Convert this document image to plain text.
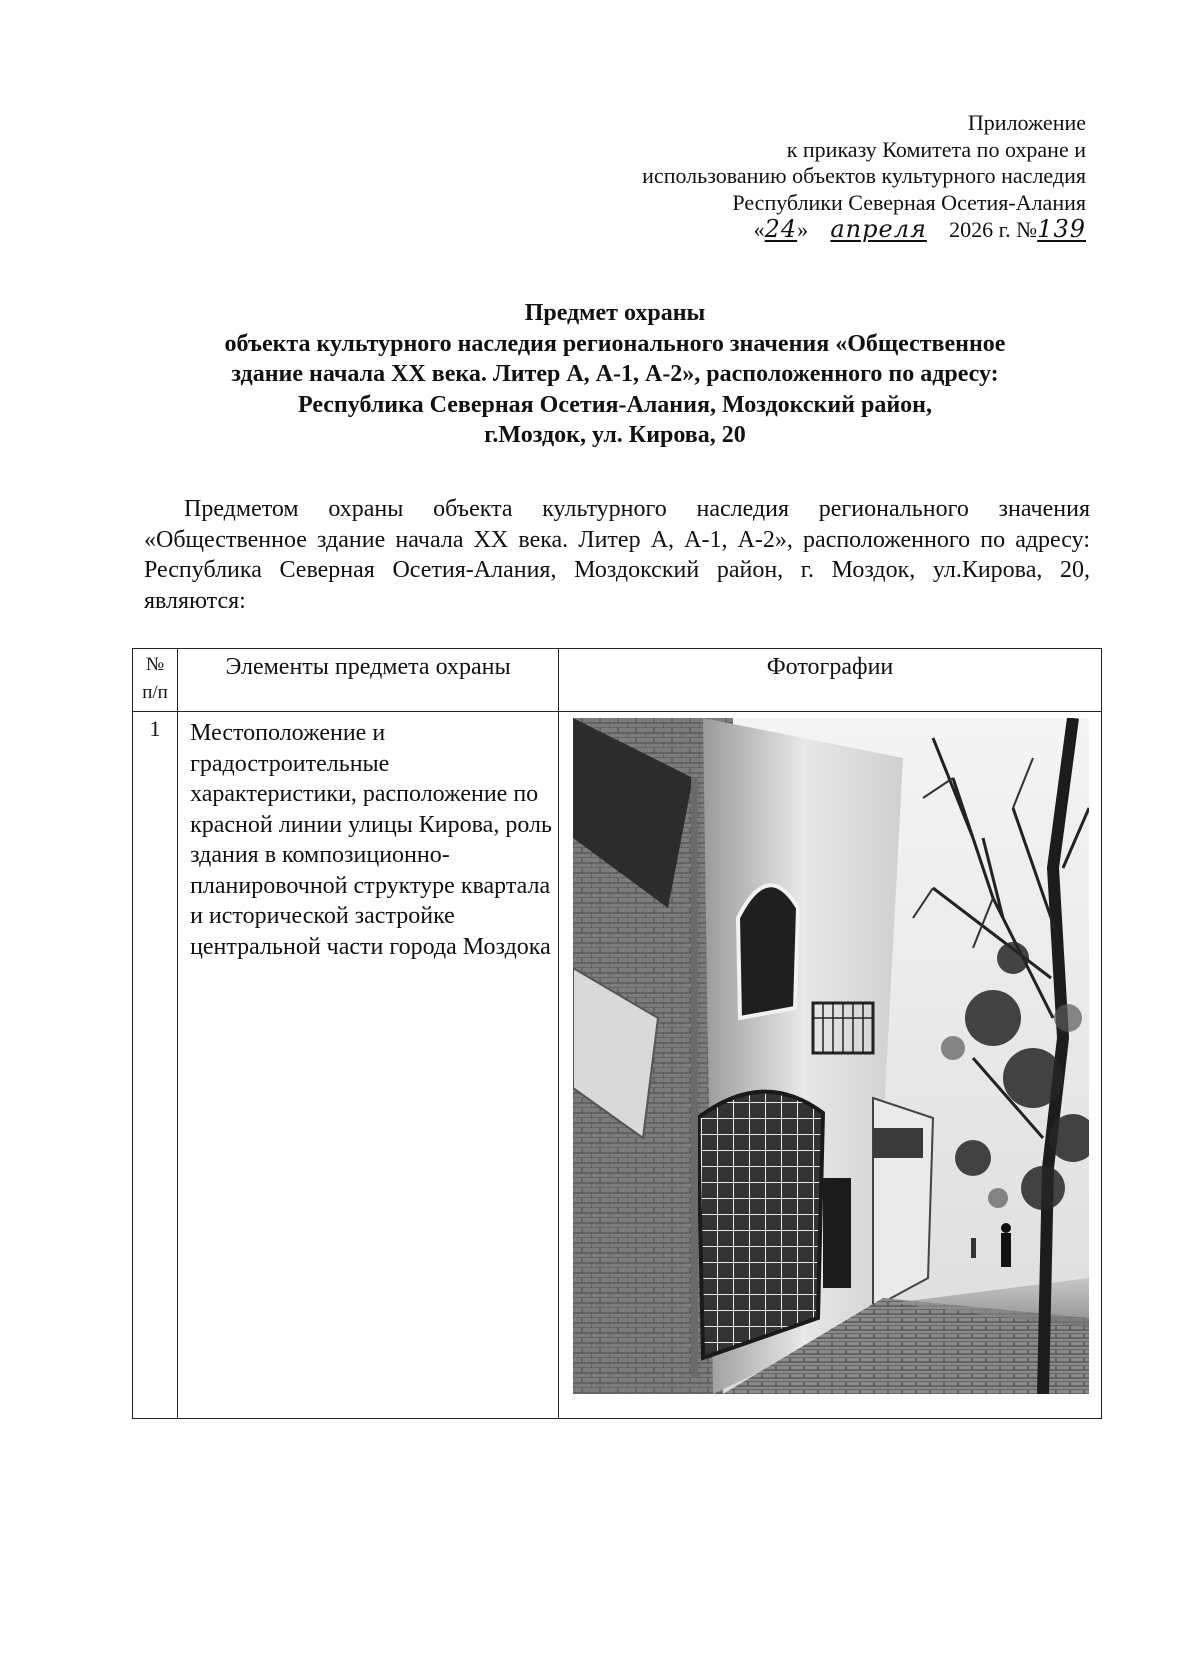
Приложение
к приказу Комитета по охране и
использованию объектов культурного наследия
Республики Северная Осетия-Алания
«24» апреля 2026 г. №139
Предмет охраны
объекта культурного наследия регионального значения «Общественное
здание начала XX века. Литер А, А-1, А-2», расположенного по адресу:
Республика Северная Осетия-Алания, Моздокский район,
г.Моздок, ул. Кирова, 20

Предметом охраны объекта культурного наследия регионального значения «Общественное здание начала XX века. Литер А, А-1, А-2», расположенного по адресу: Республика Северная Осетия-Алания, Моздокский район, г. Моздок, ул.Кирова, 20, являются:

№
п/п	Элементы предмета охраны	Фотографии
1	Местоположение и градостроительные характеристики, расположение по красной линии улицы Кирова, роль здания в композиционно-планировочной структуре квартала и исторической застройке центральной части города Моздока	
